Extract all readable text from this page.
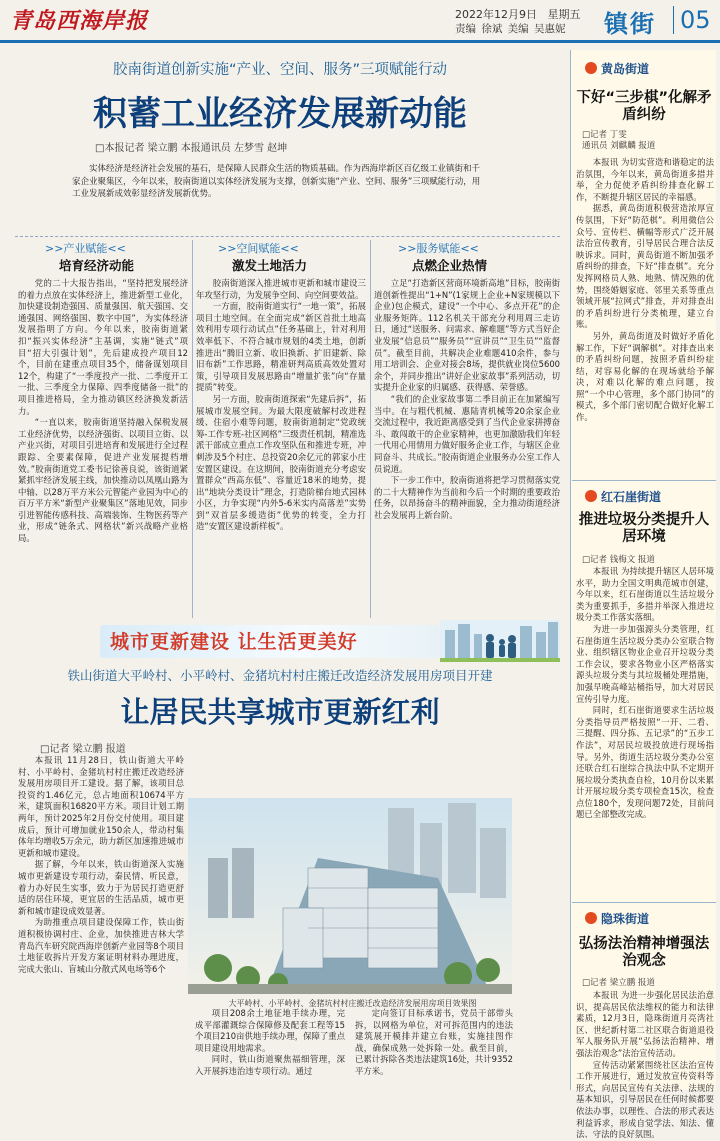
青岛西海岸报	2022年12月9日 星期五
责编 徐斌 美编 吴惠妮 镇街 05
胶南街道创新实施“产业、空间、服务”三项赋能行动
积蓄工业经济发展新动能
□本报记者 梁立鹏 本报通讯员 左梦雪 赵坤
实体经济是经济社会发展的基石，是保障人民群众生活的物质基础。作为西海岸新区百亿级工业镇街和千家企业聚集区，今年以来，胶南街道以实体经济发展为支撑，创新实施“产业、空间、服务”三项赋能行动，用工业发展新成效彰显经济发展新优势。
>>产业赋能<<
培育经济动能

党的二十大报告指出，“坚持把发展经济的着力点放在实体经济上，推进新型工业化，加快建设制造强国、质量强国、航天强国、交通强国、网络强国、数字中国”，为实体经济发展指明了方向。今年以来，胶南街道紧扣“振兴实体经济”主基调，实施“链式”项目“招大引强计划”，先后建成投产项目12个，目前在建重点项目35个，储备谋划项目12个，构建了“一季度投产一批、二季度开工一批、三季度全力保障、四季度储备一批”的项目推进格局，全力推动镇区经济换发新活力。

“一直以来，胶南街道坚持融入保税发展工业经济优势，以经济强街、以项目立街、以产业兴街，对项目引进培育和发展进行全过程跟踪、全要素保障，促进产业发展提档增效。”胶南街道党工委书记徐善良说，该街道紧紧抓牢经济发展主线，加快推动以凤凰山路为中轴、以28万平方米公元智能产业园为中心的百万平方米“新型产业聚集区”落地见效，同步引进智能传感科技、高端装饰、生物医药等产业，形成“链条式、网格状”新兴战略产业格局。

>>空间赋能<<
激发土地活力

胶南街道深入推进城市更新和城市建设三年攻坚行动，为发展争空间、向空间要效益。

一方面，胶南街道实行“一地一策”，拓展项目土地空间。在全面完成“新区首批土地高效利用专项行动试点”任务基础上，针对利用效率低下、不符合城市规划的4类土地，创新推进出“腾旧立新、收旧换新、扩旧建新、除旧布新”工作思路，精准研判高质高效处置对策，引导项目发展思路由“增量扩张”向“存量提质”转变。

另一方面，胶南街道探索“先建后拆”，拓展城市发展空间。为最大限度破解村改进程缓、住宿小难等问题，胶南街道制定“党政统筹-工作专班-社区网格”三级责任机制，精准选派干部成立重点工作攻坚队伍和推进专班，冲刺涉及5个村庄、总投资20余亿元的郭家小庄安置区建设。在这期间，胶南街道充分考虑安置群众“西高东低”、容量近18米的地势，提出“地块分类设计”理念，打造阶梯台地式园林小区，力争实现“内外5-6米实内高落差”实势到“双首层多缓造街”优势的转变，全力打造“安置区建设新样板”。

>>服务赋能<<
点燃企业热情

立足“打造新区营商环境新高地”目标，胶南街道创新性提出“1+N”(1家规上企业+N家规模以下企业)包企模式，建设“一个中心、多点开花”的企业服务矩阵。112名机关干部充分利用周三走访日，通过“送服务、问需求、解难题”等方式当好企业发展“信息员”“服务员”“宣讲员”“卫生员”“监督员”。截至目前，共解决企业难题410余件，参与用工培训会、企业对接会8场，提供就业岗位5600余个，并同步推出“讲好企业家故事”系列活动，切实提升企业家的归属感、获得感、荣誉感。

“我们的企业家故事第二季目前正在加紧编写当中。在与粗代机械、惠陆青机械等20余家企业交流过程中，我近距离感受到了当代企业家拼搏奋斗、敢闯敢干的企业家精神，也更加激励我们年轻一代用心用情用力做好服务企业工作，与辖区企业同奋斗、共成长。”胶南街道企业服务办公室工作人员说道。

下一步工作中，胶南街道将把学习贯彻落实党的二十大精神作为当前和今后一个时期的重要政治任务，以昂扬奋斗的精神面貌，全力推动街道经济社会发展再上新台阶。

城市更新建设 让生活更美好
铁山街道大平岭村、小平岭村、金猪坑村村庄搬迁改造经济发展用房项目开建
让居民共享城市更新红利
□记者 梁立鹏 报道

本报讯 11月28日，铁山街道大平岭村、小平岭村、金猪坑村村庄搬迁改造经济发展用房项目开工建设。据了解，该项目总投资约1.46亿元，总占地面积10674平方米，建筑面积16820平方米。项目计划工期两年，预计2025年2月份交付使用。项目建成后，预计可增加就业150余人，带动村集体年均增收5万余元，助力新区加速推进城市更新和城市建设。

据了解，今年以来，铁山街道深入实施城市更新建设专项行动，秦民情、听民意，着力办好民生实事，致力于为居民打造更舒适的居住环境，更宜居的生活品质，城市更新和城市建设成效显著。

为助推重点项目建设保障工作，铁山街道积极协调村庄、企业，加快推进吉林大学青岛汽车研究院西海岸创新产业园等8个项目土地征收拆片开发方案证明材料办理进度，完成大张山、盲城山分散式风电场等6个

大平岭村、小平岭村、金猪坑村村庄搬迁改造经济发展用房项目效果图

项目208余土地征地手续办理，完成平部灌溉综合保障修及配套工程等15个项目210亩供地手续办理，保障了重点项目建设用地需求。

同时，铁山街道聚焦福细管理，深入开展拆违治违专项行动。通过

定向签订目标承诺书，党员干部带头拆，以网格为单位，对可拆范围内的违法建筑展开模排并建立台账，实施挂图作战，确保成熟一处拆除一处。截至目前，已累计拆除各类违法建筑16处，共计9352平方米。

黄岛街道
下好“三步棋”化解矛盾纠纷
□记者 丁雯
通讯员 刘麒麟 报道

本报讯 为切实营造和谐稳定的法治氛围，今年以来，黄岛街道多措并举，全力促使矛盾纠纷排查化解工作，不断提升辖区居民的幸福感。

据悉，黄岛街道积极营造浓厚宣传氛围，下好“防范棋”。利用微信公众号、宣传栏、横幅等形式广泛开展法治宣传教育，引导居民合理合法反映诉求。同时，黄岛街道不断加强矛盾纠纷的排查，下好“排查棋”。充分发挥网格员人熟、地熟、情况熟的优势，围绕婚姻家庭、邻里关系等重点领域开展“拉网式”排查，并对排查出的矛盾纠纷进行分类梳理，建立台账。

另外，黄岛街道及时做好矛盾化解工作，下好“调解棋”。对排查出来的矛盾纠纷问题，按照矛盾纠纷症结，对容易化解的在现场就给予解决，对难以化解的难点问题，按照“一个中心管理，多个部门协同”的模式，多个部门密切配合做好化解工作。

红石崖街道
推进垃圾分类提升人居环境
□记者 钱梅文 报道

本报讯 为持续提升辖区人居环境水平，助力全国文明典范城市创建，今年以来，红石崖街道以生活垃圾分类为重要抓手，多措并举深入推进垃圾分类工作落实落细。

为进一步加强源头分类管理，红石崖街道生活垃圾分类办公室联合物业、组织辖区物业企业召开垃圾分类工作会议，要求各物业小区严格落实源头垃圾分类与其垃圾桶处理措施，加强早晚高峰站桶指导，加大对居民宣传引导力度。

同时，红石崖街道要求生活垃圾分类指导员严格按照“一开、二看、三提醒、四分拣、五记录”的“五步工作法”，对居民垃圾投放进行现场指导。另外，街道生活垃圾分类办公室还联合红石崖综合执法中队不定期开展垃圾分类执查自检，10月份以来累计开展垃圾分类专项检查15次，检查点位180个，发现问题72处，目前问题已全部整改完成。

隐珠街道
弘扬法治精神增强法治观念
□记者 梁立鹏 报道

本报讯 为进一步强化居民法治意识，提高居民依法维权的能力和法律素质，12月3日，隐珠街道月亮湾社区、世纪新村第二社区联合街道退役军人服务队开展“弘扬法治精神、增强法治观念”法治宣传活动。

宣传活动紧紧围绕社区法治宣传工作开展进行，通过发放宣传资料等形式，向居民宣传有关法律、法规的基本知识，引导居民在任何时候都要依法办事，以理性、合法的形式表达利益诉求，形成自觉学法、知法、懂法、守法的良好氛围。
